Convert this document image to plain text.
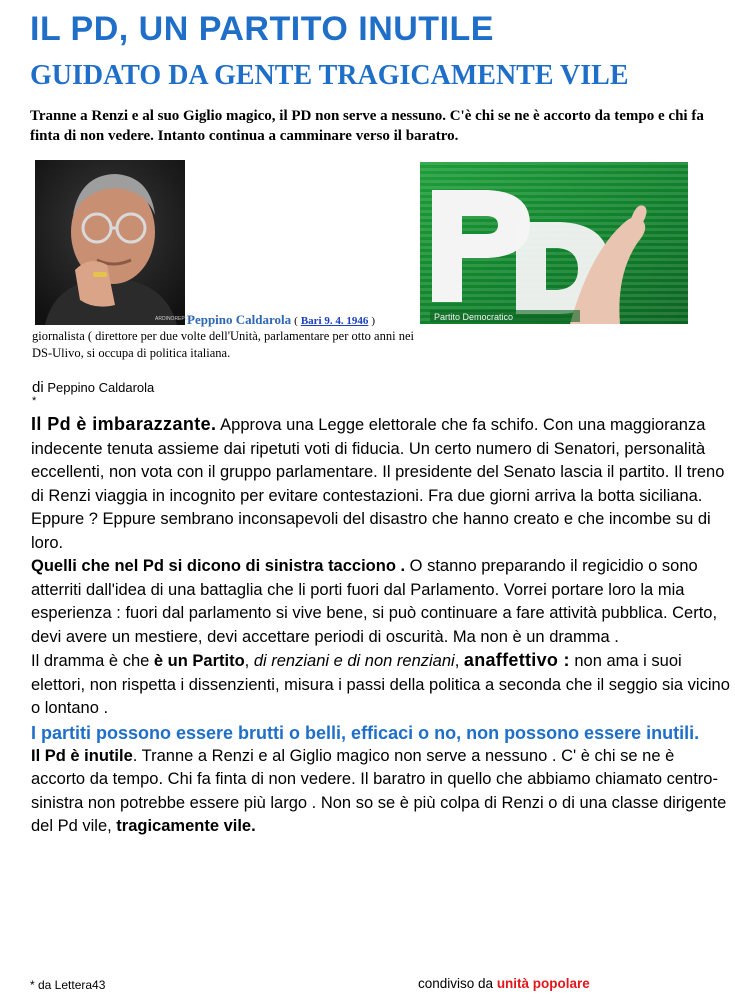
IL PD, UN PARTITO INUTILE
GUIDATO DA GENTE TRAGICAMENTE VILE
Tranne a Renzi e al suo Giglio magico, il PD non serve a nessuno. C'è chi se ne è accorto da tempo e chi fa finta di non vedere. Intanto continua a camminare verso il baratro.
ARDINOREPORT	Partito Democratico
Peppino Caldarola ( Bari 9. 4. 1946 )
giornalista ( direttore per due volte dell'Unità, parlamentare per otto anni nei DS-Ulivo, si occupa di politica italiana.
di Peppino Caldarola
*

Il Pd è imbarazzante. Approva una Legge elettorale che fa schifo. Con una maggioranza indecente tenuta assieme dai ripetuti voti di fiducia. Un certo numero di Senatori, personalità eccellenti, non vota con il gruppo parlamentare. Il presidente del Senato lascia il partito. Il treno di Renzi viaggia in incognito per evitare contestazioni. Fra due giorni arriva la botta siciliana. Eppure ? Eppure sembrano inconsapevoli del disastro che hanno creato e che incombe su di loro.

Quelli che nel Pd si dicono di sinistra tacciono . O stanno preparando il regicidio o sono atterriti dall'idea di una battaglia che li porti fuori dal Parlamento. Vorrei portare loro la mia esperienza : fuori dal parlamento si vive bene, si può continuare a fare attività pubblica. Certo, devi avere un mestiere, devi accettare periodi di oscurità. Ma non è un dramma .

Il dramma è che è un Partito, di renziani e di non renziani, anaffettivo : non ama i suoi elettori, non rispetta i dissenzienti, misura i passi della politica a seconda che il seggio sia vicino o lontano .

I partiti possono essere brutti o belli, efficaci o no, non possono essere inutili.

Il Pd è inutile. Tranne a Renzi e al Giglio magico non serve a nessuno . C' è chi se ne è accorto da tempo. Chi fa finta di non vedere. Il baratro in quello che abbiamo chiamato centro- sinistra non potrebbe essere più largo . Non so se è più colpa di Renzi o di una classe dirigente del Pd vile, tragicamente vile.

* da Lettera43	condiviso da unità popolare
